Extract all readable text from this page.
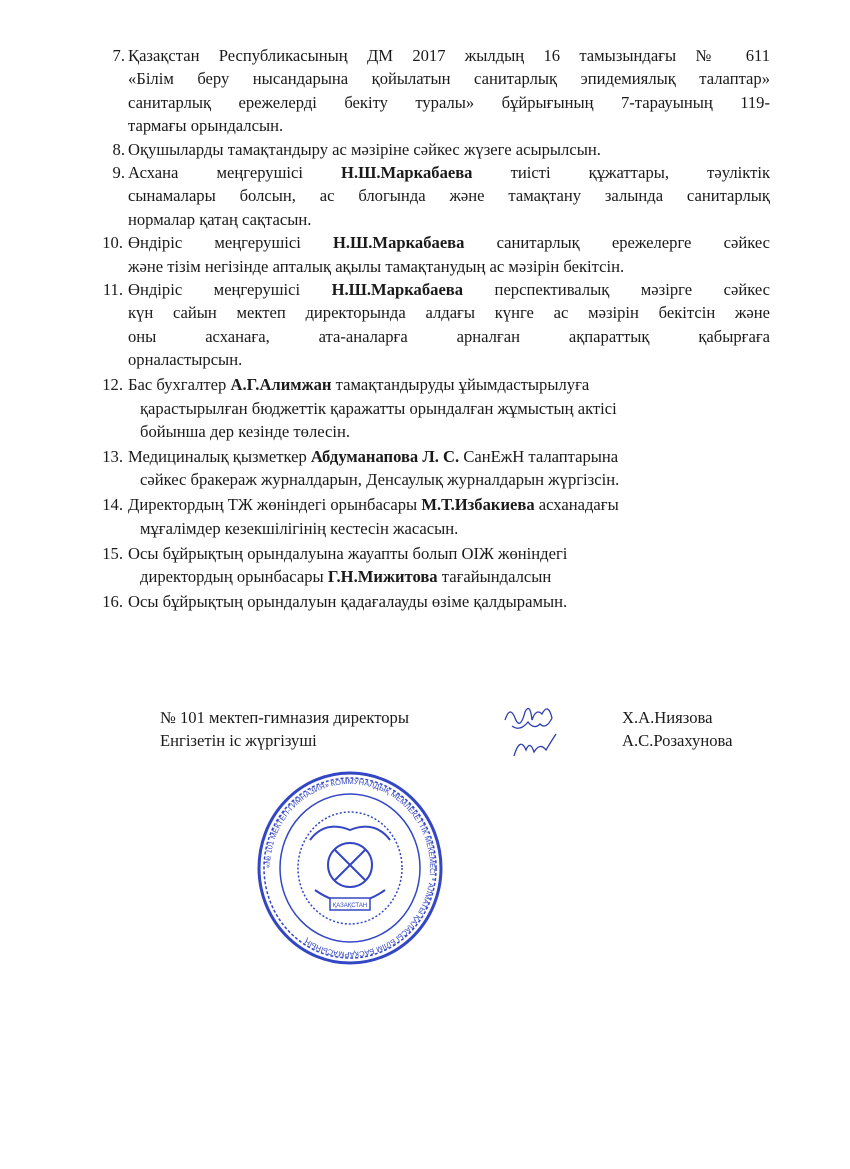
7. Қазақстан Республикасының ДМ 2017 жылдың 16 тамызындағы № 611
«Білім беру нысандарына қойылатын санитарлық эпидемиялық талаптар»
санитарлық ережелерді бекіту туралы» бұйрығының 7-тарауының 119-
тармағы орындалсын.
8. Оқушыларды тамақтандыру ас мәзіріне сәйкес жүзеге асырылсын.
9. Асхана меңгерушісі Н.Ш.Маркабаева тиісті құжаттары, тәуліктік
сынамалары болсын, ас блогында және тамақтану залында санитарлық
нормалар қатаң сақтасын.
10. Өндіріс меңгерушісі Н.Ш.Маркабаева санитарлық ережелерге сәйкес
және тізім негізінде апталық ақылы тамақтанудың ас мәзірін бекітсін.
11. Өндіріс меңгерушісі Н.Ш.Маркабаева перспективалық мәзірге сәйкес
күн сайын мектеп директорында алдағы күнге ас мәзірін бекітсін және
оны асханаға, ата-аналарға арналған ақпараттық қабырғаға
орналастырсын.
12. Бас бухгалтер А.Г.Алимжан тамақтандыруды ұйымдастырылуға
қарастырылған бюджеттік қаражатты орындалған жұмыстың актісі
бойынша дер кезінде төлесін.
13. Медициналық қызметкер Абдуманапова Л. С. СанЕжН талаптарына
сәйкес бракераж журналдарын, Денсаулық журналдарын жүргізсін.
14. Директордың ТЖ жөніндегі орынбасары М.Т.Избакиева асханадағы
мұғалімдер кезекшілігінің кестесін жасасын.
15. Осы бұйрықтың орындалуына жауапты болып ОІЖ жөніндегі
директордың орынбасары Г.Н.Мижитова тағайындалсын
16. Осы бұйрықтың орындалуын қадағалауды өзіме қалдырамын.
№ 101 мектеп-гимназия директоры
Енгізетін іс жүргізуші
Х.А.Ниязова
А.С.Розахунова
«№ 101 МЕКТЕП-ГИМНАЗИЯ» КОММУНАЛДЫҚ МЕМЛЕКЕТТІК МЕКЕМЕСІ * АЛМАТЫ ҚАЛАСЫ БІЛІМ БАСҚАРМАСЫНЫҢ
ҚАЗАҚСТАН
